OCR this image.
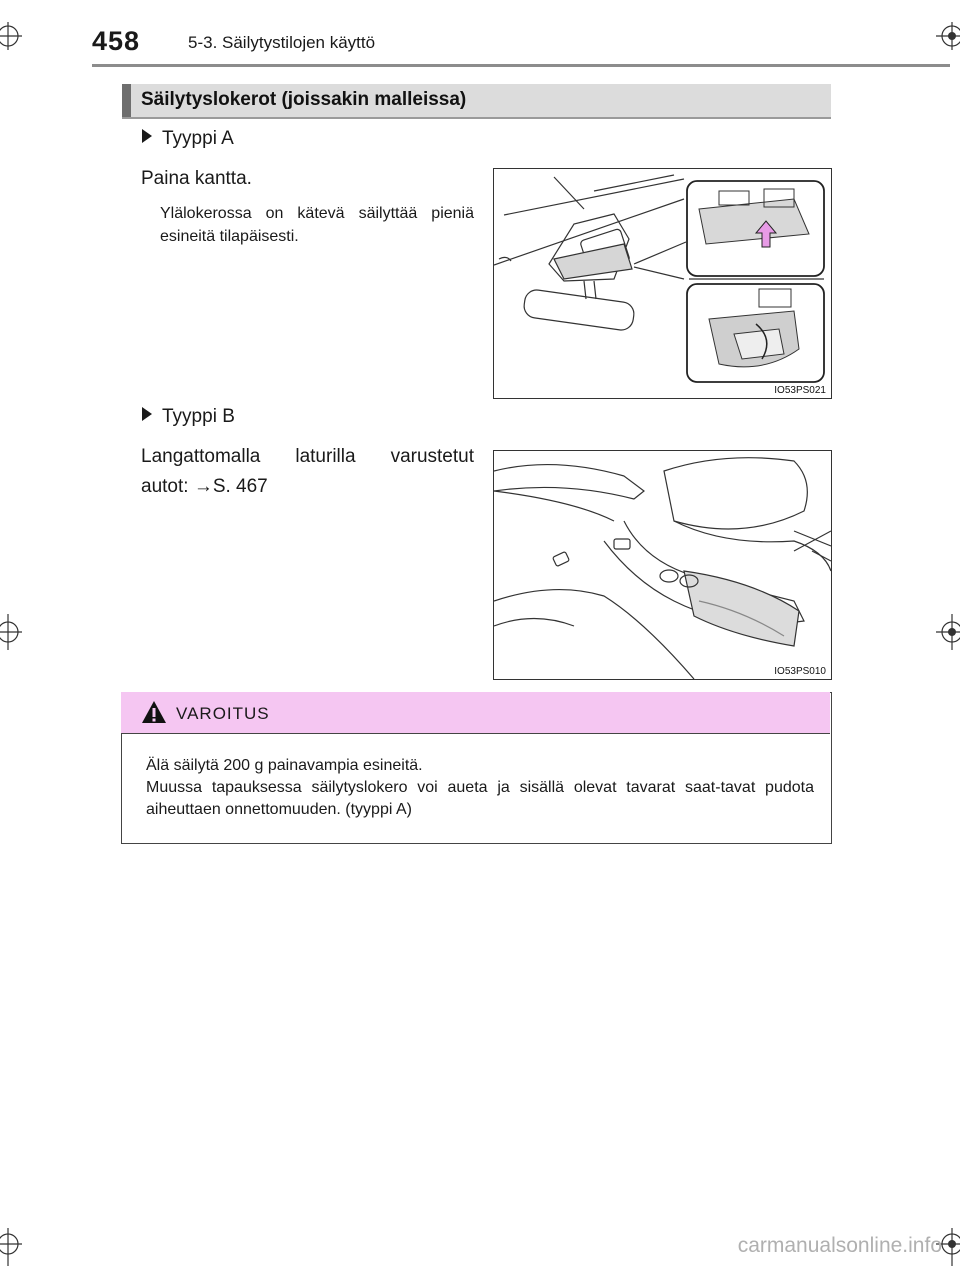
458	5-3. Säilytystilojen käyttö
Säilytyslokerot (joissakin malleissa)
Tyyppi A
Paina kantta.
Ylälokerossa on kätevä säilyttää pieniä esineitä tilapäisesti.
IO53PS021
Tyyppi B
Langattomalla laturilla varustetut
autot: →S. 467
IO53PS010
VAROITUS
Älä säilytä 200 g painavampia esineitä.
Muussa tapauksessa säilytyslokero voi aueta ja sisällä olevat tavarat saat-tavat pudota aiheuttaen onnettomuuden. (tyyppi A)
carmanualsonline.info
